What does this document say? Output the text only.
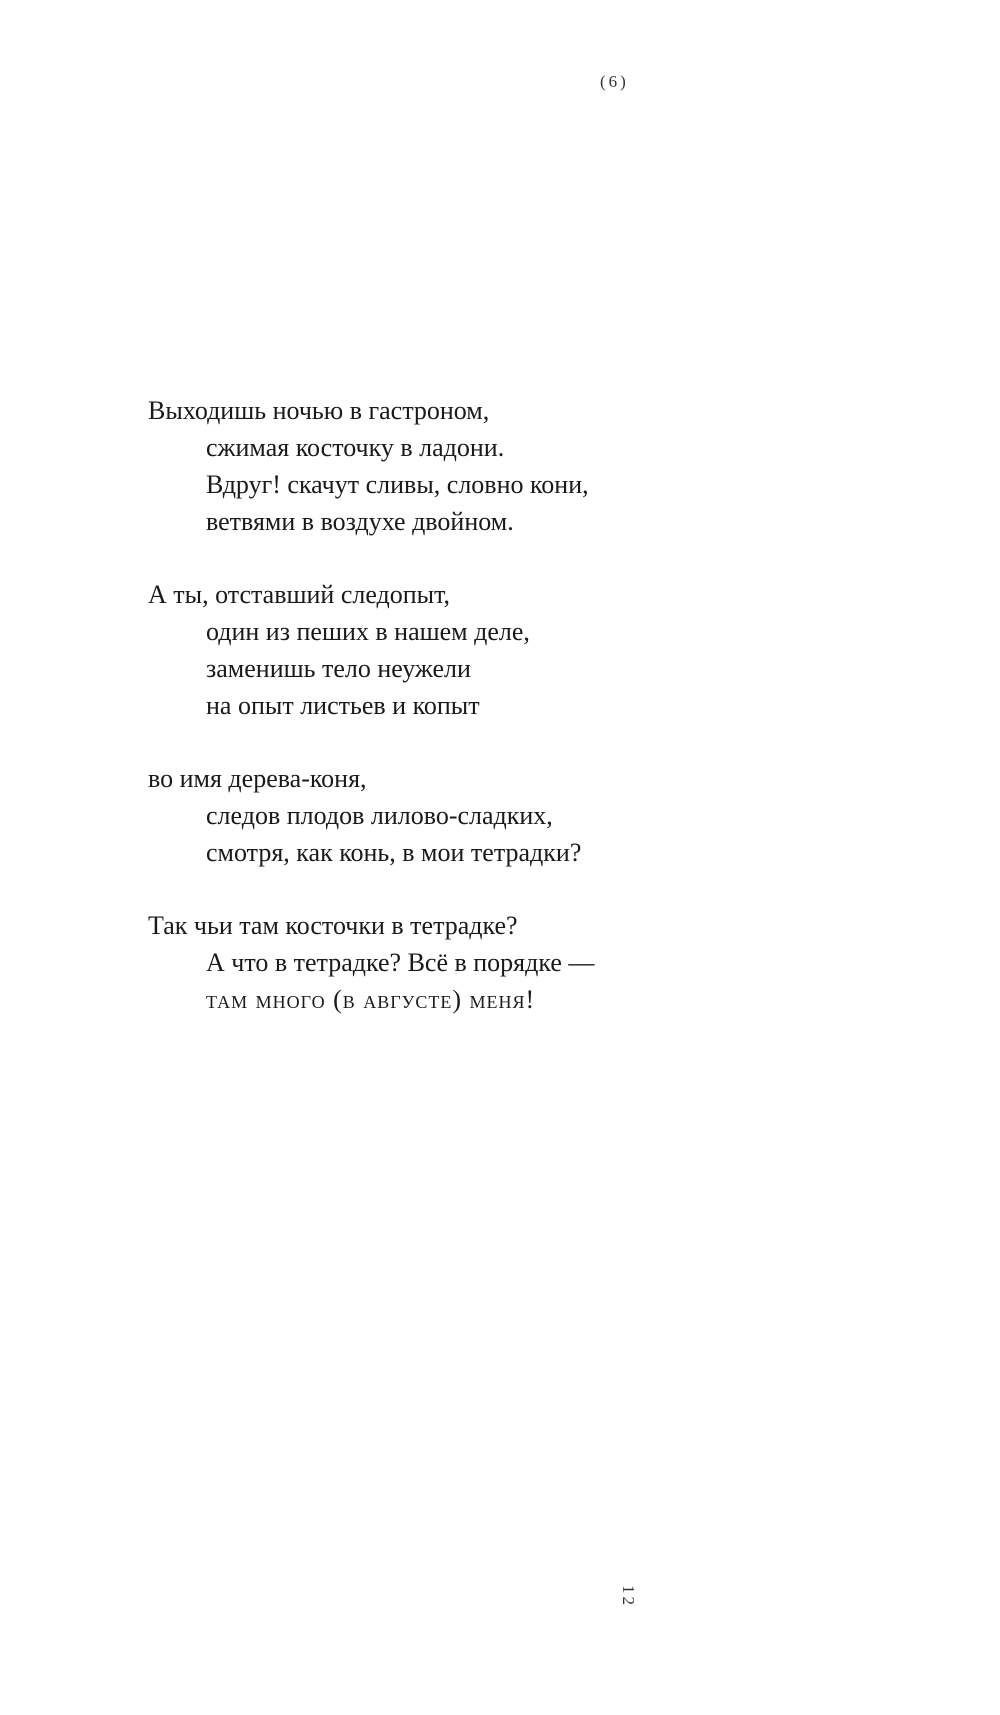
(6)
Выходишь ночью в гастроном,
сжимая косточку в ладони.
Вдруг! скачут сливы, словно кони,
ветвями в воздухе двойном.
А ты, отставший следопыт,
один из пеших в нашем деле,
заменишь тело неужели
на опыт листьев и копыт
во имя дерева-коня,
следов плодов лилово-сладких,
смотря, как конь, в мои тетрадки?
Так чьи там косточки в тетрадке?
А что в тетрадке? Всё в порядке —
там много (в августе) меня!
12
